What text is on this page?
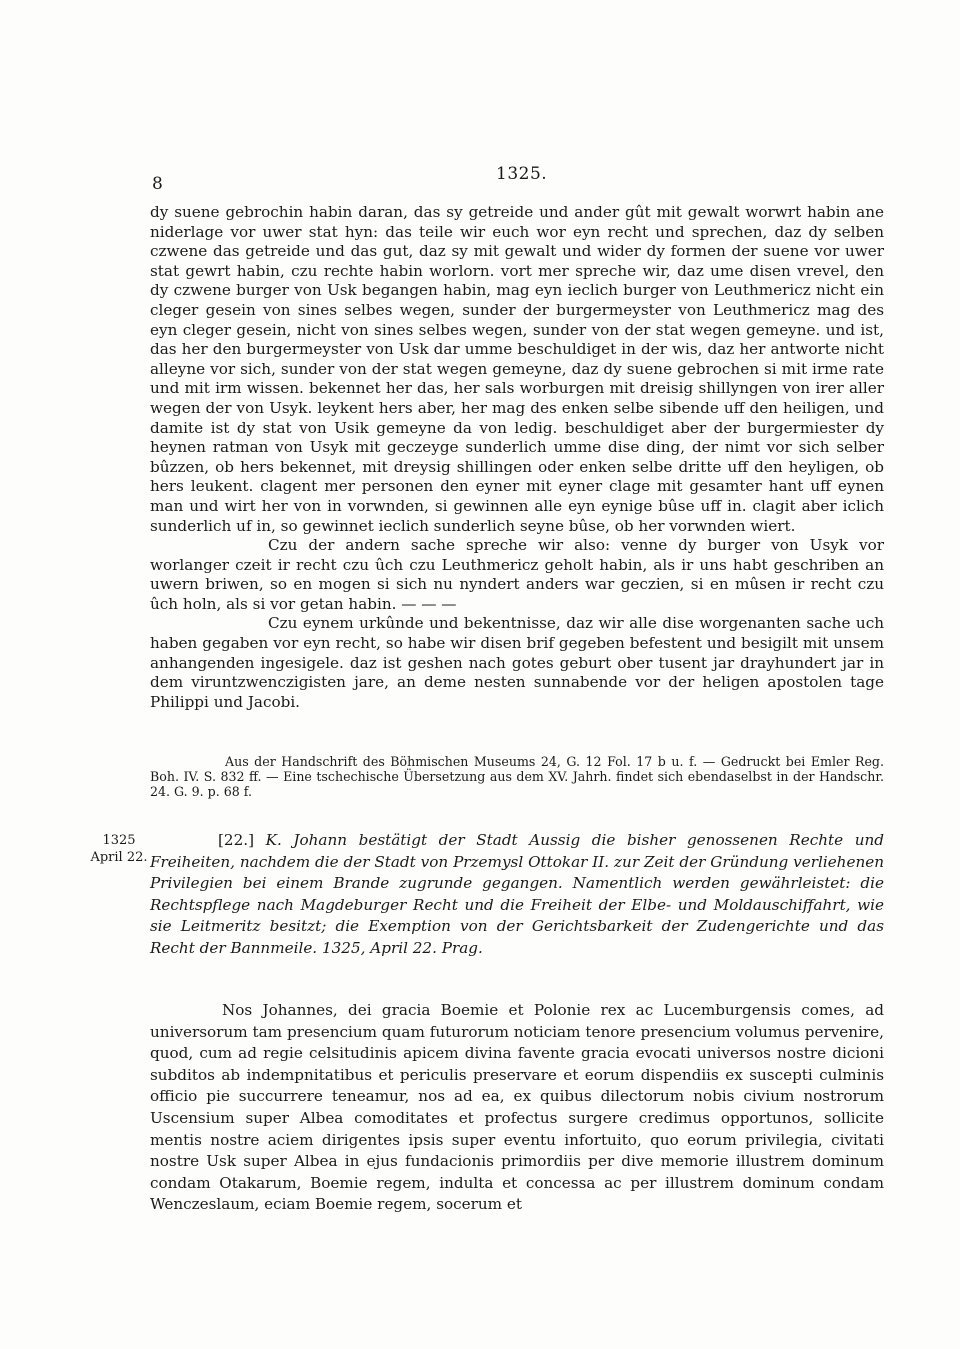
8	1325.

dy suene gebrochin habin daran, das sy getreide und ander gût mit gewalt worwrt habin ane niderlage vor uwer stat hyn: das teile wir euch wor eyn recht und sprechen, daz dy selben czwene das getreide und das gut, daz sy mit gewalt und wider dy formen der suene vor uwer stat gewrt habin, czu rechte habin worlorn. vort mer spreche wir, daz ume disen vrevel, den dy czwene burger von Usk begangen habin, mag eyn ieclich burger von Leuthmericz nicht ein cleger gesein von sines selbes wegen, sunder der burgermeyster von Leuthmericz mag des eyn cleger gesein, nicht von sines selbes wegen, sunder von der stat wegen gemeyne. und ist, das her den burgermeyster von Usk dar umme beschuldiget in der wis, daz her antworte nicht alleyne vor sich, sunder von der stat wegen gemeyne, daz dy suene gebrochen si mit irme rate und mit irm wissen. bekennet her das, her sals worburgen mit dreisig shillyngen von irer aller wegen der von Usyk. leykent hers aber, her mag des enken selbe sibende uff den heiligen, und damite ist dy stat von Usik gemeyne da von ledig. beschuldiget aber der burgermiester dy heynen ratman von Usyk mit geczeyge sunderlich umme dise ding, der nimt vor sich selber bûzzen, ob hers bekennet, mit dreysig shillingen oder enken selbe dritte uff den heyligen, ob hers leukent. clagent mer personen den eyner mit eyner clage mit gesamter hant uff eynen man und wirt her von in vorwnden, si gewinnen alle eyn eynige bûse uff in. clagit aber iclich sunderlich uf in, so gewinnet ieclich sunderlich seyne bûse, ob her vorwnden wiert.

Czu der andern sache spreche wir also: venne dy burger von Usyk vor worlanger czeit ir recht czu ûch czu Leuthmericz geholt habin, als ir uns habt geschriben an uwern briwen, so en mogen si sich nu nyndert anders war geczien, si en mûsen ir recht czu ûch holn, als si vor getan habin. — — —

Czu eynem urkûnde und bekentnisse, daz wir alle dise worgenanten sache uch haben gegaben vor eyn recht, so habe wir disen brif gegeben befestent und besigilt mit unsem anhangenden ingesigele. daz ist geshen nach gotes geburt ober tusent jar drayhundert jar in dem viruntzwenczigisten jare, an deme nesten sunnabende vor der heligen apostolen tage Philippi und Jacobi.

Aus der Handschrift des Böhmischen Museums 24, G. 12 Fol. 17 b u. f. — Gedruckt bei Emler Reg. Boh. IV. S. 832 ff. — Eine tschechische Übersetzung aus dem XV. Jahrh. findet sich ebendaselbst in der Handschr. 24. G. 9. p. 68 f.

1325
April 22.

[22.] K. Johann bestätigt der Stadt Aussig die bisher genossenen Rechte und Freiheiten, nachdem die der Stadt von Przemysl Ottokar II. zur Zeit der Gründung verliehenen Privilegien bei einem Brande zugrunde gegangen. Namentlich werden gewährleistet: die Rechtspflege nach Magdeburger Recht und die Freiheit der Elbe- und Moldauschiffahrt, wie sie Leitmeritz besitzt; die Exemption von der Gerichtsbarkeit der Zudengerichte und das Recht der Bannmeile. 1325, April 22. Prag.

Nos Johannes, dei gracia Boemie et Polonie rex ac Lucemburgensis comes, ad universorum tam presencium quam futurorum noticiam tenore presencium volumus pervenire, quod, cum ad regie celsitudinis apicem divina favente gracia evocati universos nostre dicioni subditos ab indempnitatibus et periculis preservare et eorum dispendiis ex suscepti culminis officio pie succurrere teneamur, nos ad ea, ex quibus dilectorum nobis civium nostrorum Uscensium super Albea comoditates et profectus surgere credimus opportunos, sollicite mentis nostre aciem dirigentes ipsis super eventu infortuito, quo eorum privilegia, civitati nostre Usk super Albea in ejus fundacionis primordiis per dive memorie illustrem dominum condam Otakarum, Boemie regem, indulta et concessa ac per illustrem dominum condam Wenczeslaum, eciam Boemie regem, socerum et
